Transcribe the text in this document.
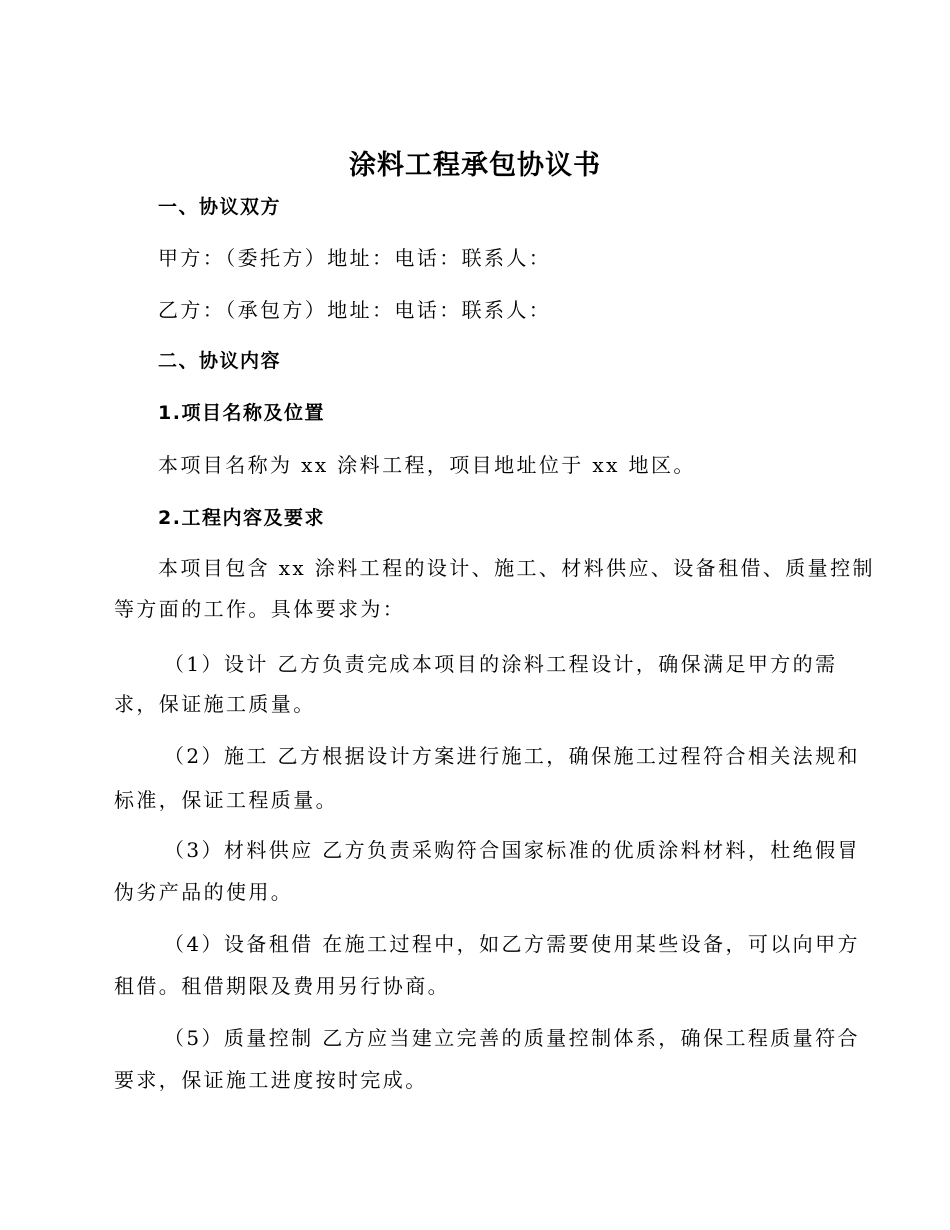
涂料工程承包协议书
一、协议双方
甲方：（委托方）地址：电话：联系人：
乙方：（承包方）地址：电话：联系人：
二、协议内容
1.项目名称及位置
本项目名称为 xx 涂料工程，项目地址位于 xx 地区。
2.工程内容及要求
本项目包含 xx 涂料工程的设计、施工、材料供应、设备租借、质量控制
等方面的工作。具体要求为：
（1）设计 乙方负责完成本项目的涂料工程设计，确保满足甲方的需
求，保证施工质量。
（2）施工 乙方根据设计方案进行施工，确保施工过程符合相关法规和
标准，保证工程质量。
（3）材料供应 乙方负责采购符合国家标准的优质涂料材料，杜绝假冒
伪劣产品的使用。
（4）设备租借 在施工过程中，如乙方需要使用某些设备，可以向甲方
租借。租借期限及费用另行协商。
（5）质量控制 乙方应当建立完善的质量控制体系，确保工程质量符合
要求，保证施工进度按时完成。
